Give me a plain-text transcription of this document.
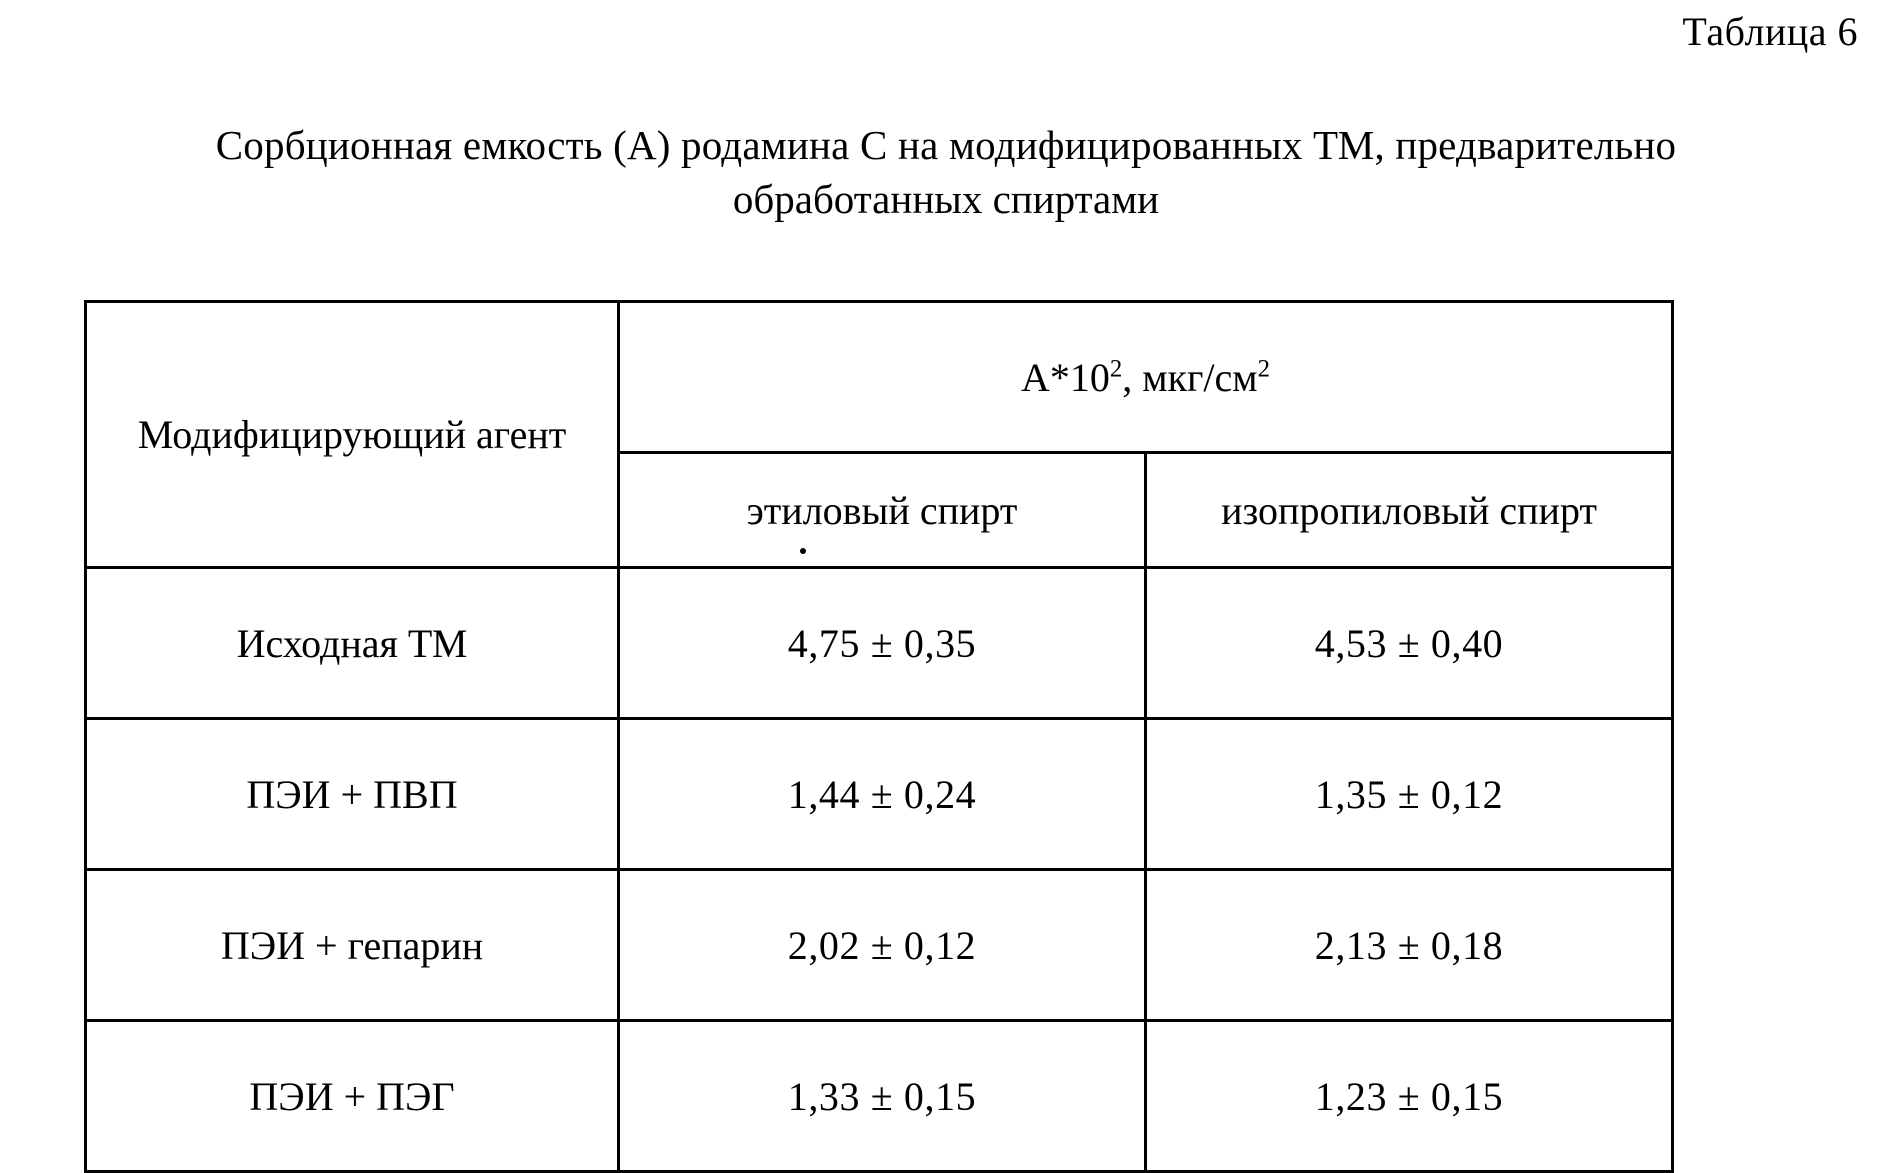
Таблица 6
Сорбционная емкость (А) родамина С на модифицированных ТМ, предварительно
обработанных спиртами
Модифицирующий агент	$А*10^2$, мкг/$см^2$
	этиловый спирт	изопропиловый спирт
Исходная ТМ	4,75 ± 0,35	4,53 ± 0,40
ПЭИ + ПВП	1,44 ± 0,24	1,35 ± 0,12
ПЭИ + гепарин	2,02 ± 0,12	2,13 ± 0,18
ПЭИ + ПЭГ	1,33 ± 0,15	1,23 ± 0,15
